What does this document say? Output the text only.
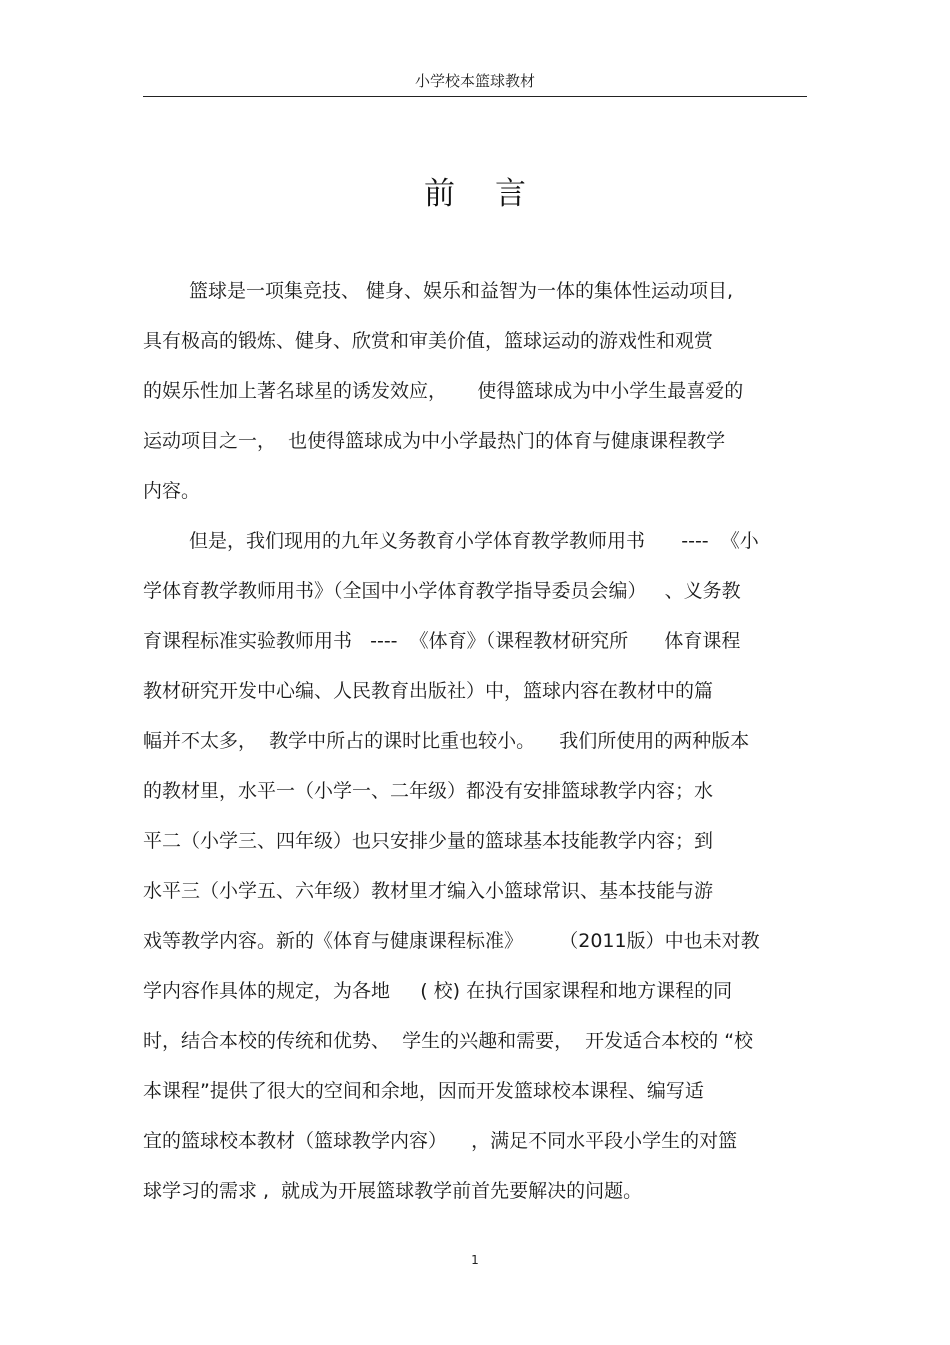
小学校本篮球教材
前言
篮球是一项集竞技、 健身、娱乐和益智为一体的集体性运动项目,
具有极高的锻炼、健身、欣赏和审美价值，篮球运动的游戏性和观赏
的娱乐性加上著名球星的诱发效应，     使得篮球成为中小学生最喜爱的
运动项目之一，  也使得篮球成为中小学最热门的体育与健康课程教学
内容。
但是，我们现用的九年义务教育小学体育教学教师用书      ----  《小
学体育教学教师用书》（全国中小学体育教学指导委员会编）   、义务教
育课程标准实验教师用书   ----  《体育》（课程教材研究所      体育课程
教材研究开发中心编、人民教育出版社）中，篮球内容在教材中的篇
幅并不太多，  教学中所占的课时比重也较小。    我们所使用的两种版本
的教材里，水平一（小学一、二年级）都没有安排篮球教学内容；水
平二（小学三、四年级）也只安排少量的篮球基本技能教学内容；到
水平三（小学五、六年级）教材里才编入小篮球常识、基本技能与游
戏等教学内容。新的《体育与健康课程标准》      （2011版）中也未对教
学内容作具体的规定，为各地     ( 校) 在执行国家课程和地方课程的同
时，结合本校的传统和优势、  学生的兴趣和需要，  开发适合本校的 “校
本课程”提供了很大的空间和余地，因而开发篮球校本课程、编写适
宜的篮球校本教材（篮球教学内容）    ，满足不同水平段小学生的对篮
球学习的需求 ,  就成为开展篮球教学前首先要解决的问题。
1
